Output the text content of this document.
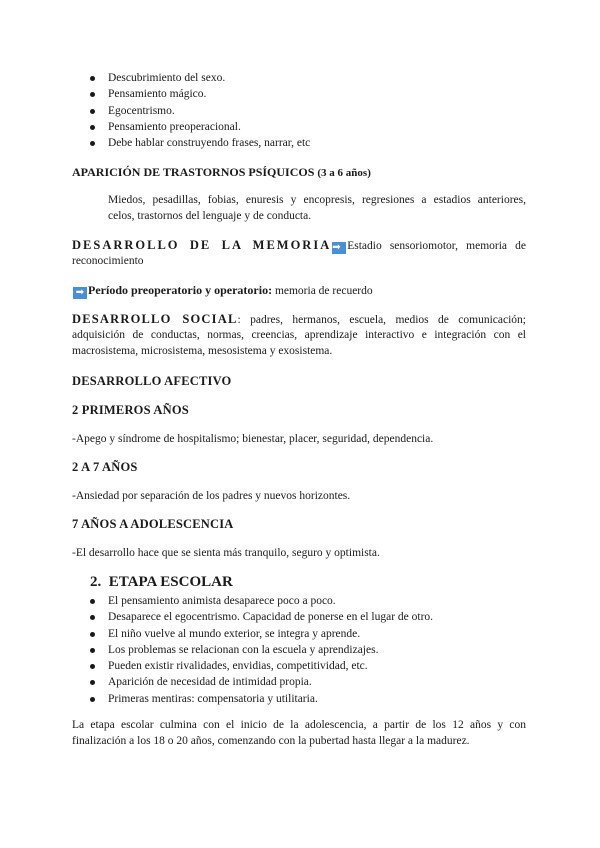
Descubrimiento del sexo.
Pensamiento mágico.
Egocentrismo.
Pensamiento preoperacional.
Debe hablar construyendo frases, narrar, etc
APARICIÓN DE TRASTORNOS PSÍQUICOS (3 a 6 años)
Miedos, pesadillas, fobias, enuresis y encopresis, regresiones a estadios anteriores,
celos, trastornos del lenguaje y de conducta.
DESARROLLO DE LA MEMORIA➡ Estadio sensoriomotor, memoria de
reconocimiento
➡ Período preoperatorio y operatorio: memoria de recuerdo
DESARROLLO SOCIAL: padres, hermanos, escuela, medios de comunicación;
adquisición de conductas, normas, creencias, aprendizaje interactivo e integración con el
macrosistema, microsistema, mesosistema y exosistema.
DESARROLLO AFECTIVO
2 PRIMEROS AÑOS
-Apego y síndrome de hospitalismo; bienestar, placer, seguridad, dependencia.
2 A 7 AÑOS
-Ansiedad por separación de los padres y nuevos horizontes.
7 AÑOS A ADOLESCENCIA
-El desarrollo hace que se sienta más tranquilo, seguro y optimista.
2. ETAPA ESCOLAR
El pensamiento animista desaparece poco a poco.
Desaparece el egocentrismo. Capacidad de ponerse en el lugar de otro.
El niño vuelve al mundo exterior, se integra y aprende.
Los problemas se relacionan con la escuela y aprendizajes.
Pueden existir rivalidades, envidias, competitividad, etc.
Aparición de necesidad de intimidad propia.
Primeras mentiras: compensatoria y utilitaria.
La etapa escolar culmina con el inicio de la adolescencia, a partir de los 12 años y con
finalización a los 18 o 20 años, comenzando con la pubertad hasta llegar a la madurez.
